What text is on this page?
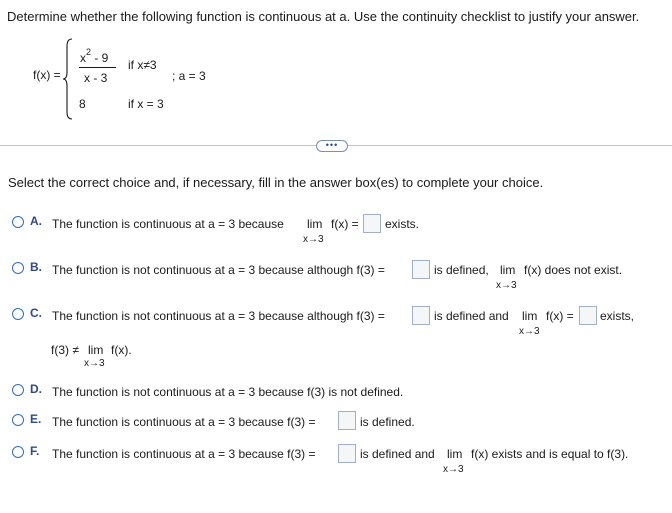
Determine whether the following function is continuous at a. Use the continuity checklist to justify your answer.
f(x) =
$x^2 - 9$
x - 3
if x≠3
; a = 3
8	if x = 3
•••
Select the correct choice and, if necessary, fill in the answer box(es) to complete your choice.
A. The function is continuous at a = 3 because lim f(x) =
x→3
exists.
B. The function is not continuous at a = 3 because although f(3) =	is defined, lim f(x) does not exist.
x→3
C. The function is not continuous at a = 3 because although f(3) =	is defined and lim f(x) =
x→3
exists,
f(3) ≠ lim f(x).
x→3
D. The function is not continuous at a = 3 because f(3) is not defined.
E. The function is continuous at a = 3 because f(3) =	is defined.
F. The function is continuous at a = 3 because f(3) =	is defined and lim f(x) exists and is equal to f(3).
x→3
